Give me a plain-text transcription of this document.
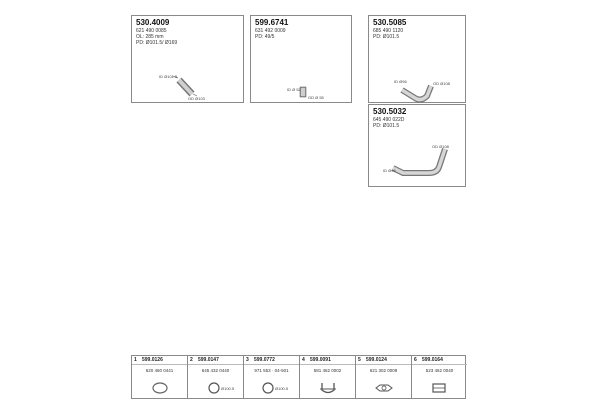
530.4009
621 490 0085
OL: 285 mm
PD: Ø101.5/ Ø169
ID Ø101.5
OD Ø103
599.6741
631 492 0009
PD: 49/5
ID Ø 52
OD Ø 55
530.5085
685 490 1120
PD: Ø101.5
ID Ø96	OD Ø108
530.5032
645 490 022D
PD: Ø101.5
OD Ø108
ID Ø96
1 599.0126
620 460 0441
2 599.0147
645 432 0440
Ø100.5
3 599.0772
971 553 · 04-501
Ø100.5
4 599.0091
581 462 0002
5 599.0124
621 302 0009
6 599.0164
523 462 0040
